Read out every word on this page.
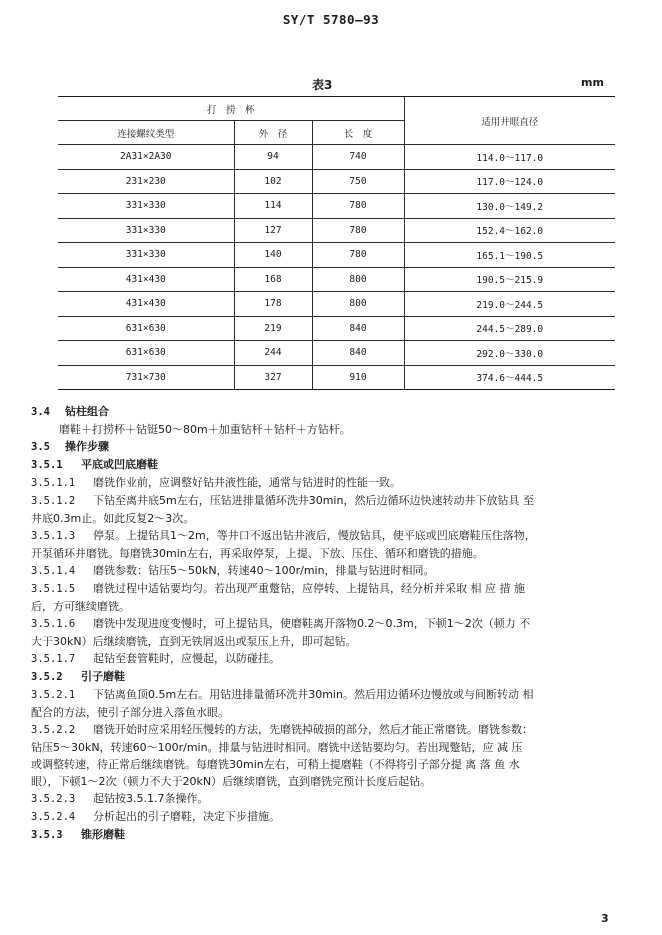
SY/T 5780—93
表3	mm
打　捞　杯			适用井眼直径
连接螺纹类型	外　径	长　度	
2A31×2A30	94	740	114.0～117.0
231×230	102	750	117.0～124.0
331×330	114	780	130.0～149.2
331×330	127	780	152.4～162.0
331×330	140	780	165.1～190.5
431×430	168	800	190.5～215.9
431×430	178	800	219.0～244.5
631×630	219	840	244.5～289.0
631×630	244	840	292.0～330.0
731×730	327	910	374.6～444.5

3.4 钻柱组合

磨鞋＋打捞杯＋钻铤50～80m＋加重钻杆＋钻杆＋方钻杆。

3.5 操作步骤

3.5.1 平底或凹底磨鞋

3.5.1.1 磨铣作业前，应调整好钻井液性能，通常与钻进时的性能一致。

3.5.1.2 下钻至离井底5m左右，压钻进排量循环洗井30min，然后边循环边快速转动井下放钻具 至

井底0.3m止。如此反复2～3次。

3.5.1.3 停泵。上提钻具1～2m，等井口不返出钻井液后，慢放钻具，使平底或凹底磨鞋压住落物，

开泵循环并磨铣。每磨铣30min左右，再采取停泵，上提、下放、压住、循环和磨铣的措施。

3.5.1.4 磨铣参数：钻压5～50kN，转速40～100r/min，排量与钻进时相同。

3.5.1.5 磨铣过程中适钻要均匀。若出现严重蹩钻，应停转、上提钻具，经分析并采取 相 应 措 施

后，方可继续磨铣。

3.5.1.6 磨铣中发现进度变慢时，可上提钻具，使磨鞋离开落物0.2～0.3m，下顿1～2次（顿力 不

大于30kN）后继续磨铣，直到无铁屑返出或泵压上升，即可起钻。

3.5.1.7 起钻至套管鞋时，应慢起，以防碰挂。

3.5.2 引子磨鞋

3.5.2.1 下钻离鱼顶0.5m左右。用钻进排量循环洗井30min。然后用边循环边慢放或与间断转动 相

配合的方法，使引子部分进入落鱼水眼。

3.5.2.2 磨铣开始时应采用轻压慢转的方法，先磨铣掉破损的部分，然后才能正常磨铣。磨铣参数：

钻压5～30kN，转速60～100r/min。排量与钻进时相同。磨铣中送钻要均匀。若出现蹩钻，应 减 压

或调整转速，待正常后继续磨铣。每磨铣30min左右，可稍上提磨鞋（不得将引子部分提 离 落 鱼 水

眼），下顿1～2次（顿力不大于20kN）后继续磨铣，直到磨铣完预计长度后起钻。

3.5.2.3 起钻按3.5.1.7条操作。

3.5.2.4 分析起出的引子磨鞋，决定下步措施。

3.5.3 锥形磨鞋

3
